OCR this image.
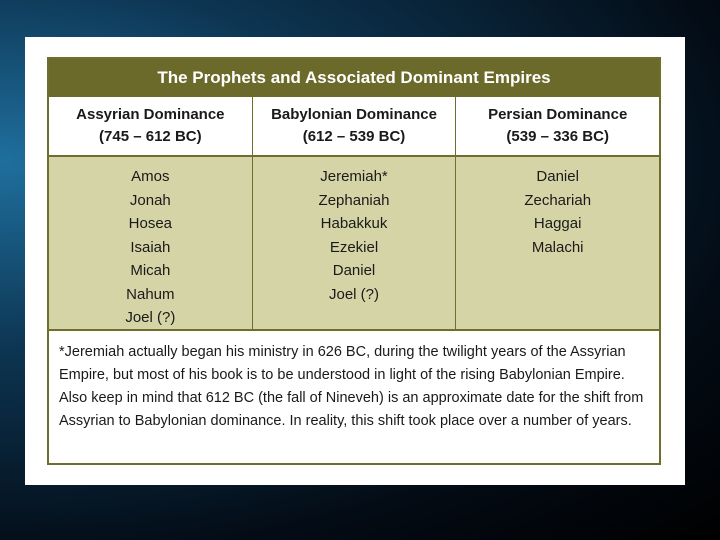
The Prophets and Associated Dominant Empires
Assyrian Dominance
(745 – 612 BC)
Babylonian Dominance
(612 – 539 BC)
Persian Dominance
(539 – 336 BC)
Amos
Jonah
Hosea
Isaiah
Micah
Nahum
Joel (?)
Jeremiah*
Zephaniah
Habakkuk
Ezekiel
Daniel
Joel (?)
Daniel
Zechariah
Haggai
Malachi
*Jeremiah actually began his ministry in 626 BC, during the twilight years of the Assyrian Empire, but most of his book is to be understood in light of the rising Babylonian Empire. Also keep in mind that 612 BC (the fall of Nineveh) is an approximate date for the shift from Assyrian to Babylonian dominance. In reality, this shift took place over a number of years.
